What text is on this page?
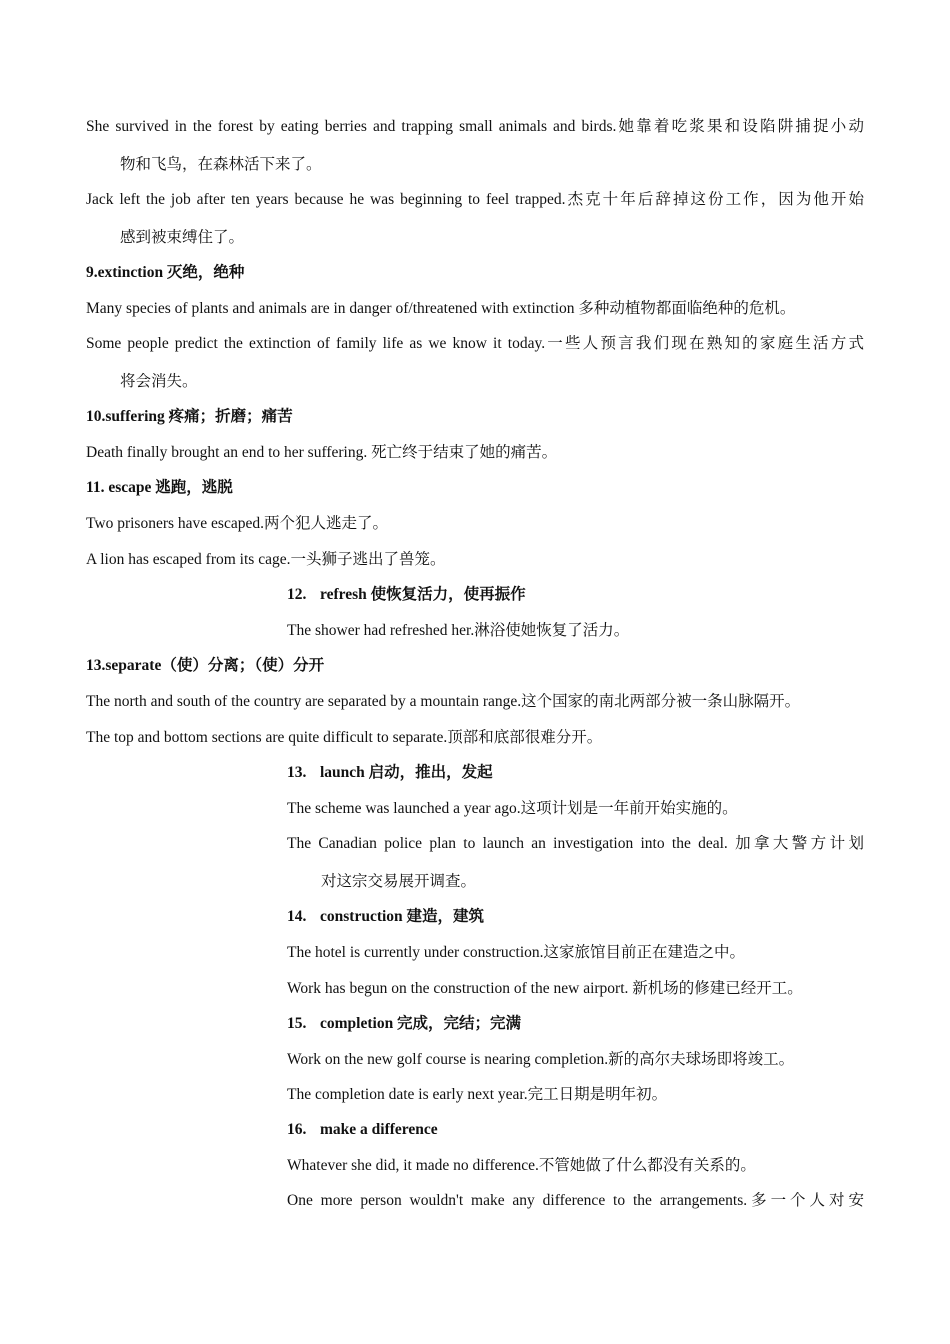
She survived in the forest by eating berries and trapping small animals and birds.她靠着吃浆果和设陷阱捕捉小动
物和飞鸟，在森林活下来了。
Jack left the job after ten years because he was beginning to feel trapped.杰克十年后辞掉这份工作，因为他开始
感到被束缚住了。
9.extinction 灭绝，绝种
Many species of plants and animals are in danger of/threatened with extinction 多种动植物都面临绝种的危机。
Some people predict the extinction of family life as we know it today.一些人预言我们现在熟知的家庭生活方式
将会消失。
10.suffering 疼痛；折磨；痛苦
Death finally brought an end to her suffering. 死亡终于结束了她的痛苦。
11. escape 逃跑，逃脱
Two prisoners have escaped.两个犯人逃走了。
A lion has escaped from its cage.一头狮子逃出了兽笼。
12. refresh 使恢复活力，使再振作
The shower had refreshed her.淋浴使她恢复了活力。
13.separate（使）分离；（使）分开
The north and south of the country are separated by a mountain range.这个国家的南北两部分被一条山脉隔开。
The top and bottom sections are quite difficult to separate.顶部和底部很难分开。
13. launch 启动，推出，发起
The scheme was launched a year ago.这项计划是一年前开始实施的。
The Canadian police plan to launch an investigation into the deal. 加拿大警方计划
对这宗交易展开调查。
14. construction 建造，建筑
The hotel is currently under construction.这家旅馆目前正在建造之中。
Work has begun on the construction of the new airport. 新机场的修建已经开工。
15. completion 完成，完结；完满
Work on the new golf course is nearing completion.新的高尔夫球场即将竣工。
The completion date is early next year.完工日期是明年初。
16. make a difference
Whatever she did, it made no difference.不管她做了什么都没有关系的。
One more person wouldn't make any difference to the arrangements.多一个人对安
